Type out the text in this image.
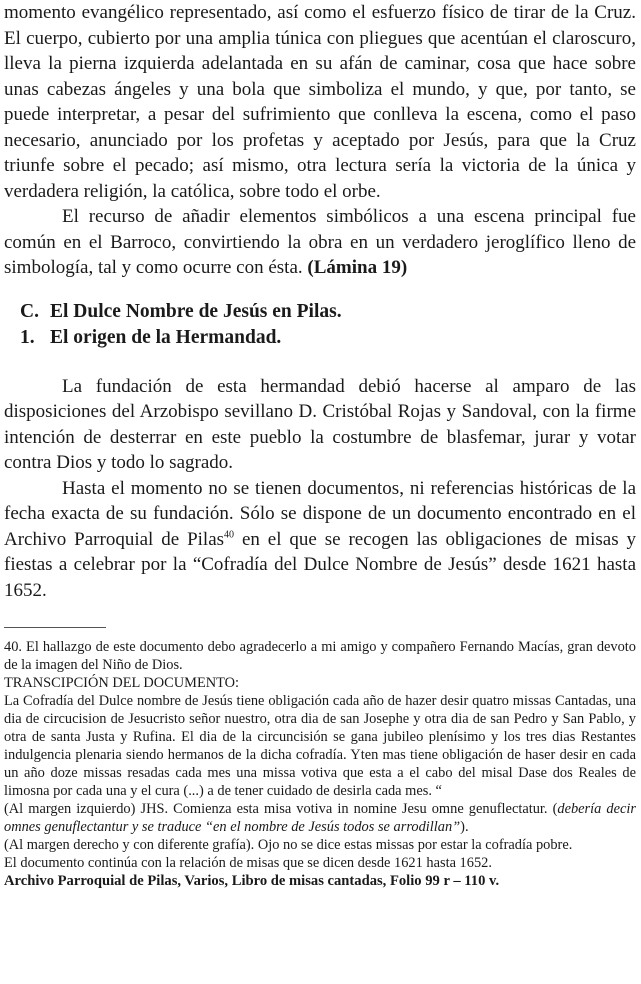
momento evangélico representado, así como el esfuerzo físico de tirar de la Cruz. El cuerpo, cubierto por una amplia túnica con pliegues que acentúan el claroscuro, lleva la pierna izquierda adelantada en su afán de caminar, cosa que hace sobre unas cabezas ángeles y una bola que simboliza el mundo, y que, por tanto, se puede interpretar, a pesar del sufrimiento que conlleva la escena, como el paso necesario, anunciado por los profetas y aceptado por Jesús, para que la Cruz triunfe sobre el pecado; así mismo, otra lectura sería la victoria de la única y verdadera religión, la católica, sobre todo el orbe.

El recurso de añadir elementos simbólicos a una escena principal fue común en el Barroco, convirtiendo la obra en un verdadero jeroglífico lleno de simbología, tal y como ocurre con ésta. (Lámina 19)

C. El Dulce Nombre de Jesús en Pilas.
1. El origen de la Hermandad.

La fundación de esta hermandad debió hacerse al amparo de las disposiciones del Arzobispo sevillano D. Cristóbal Rojas y Sandoval, con la firme intención de desterrar en este pueblo la costumbre de blasfemar, jurar y votar contra Dios y todo lo sagrado.

Hasta el momento no se tienen documentos, ni referencias históricas de la fecha exacta de su fundación. Sólo se dispone de un documento encontrado en el Archivo Parroquial de Pilas$^{40}$ en el que se recogen las obligaciones de misas y fiestas a celebrar por la “Cofradía del Dulce Nombre de Jesús” desde 1621 hasta 1652.

40. El hallazgo de este documento debo agradecerlo a mi amigo y compañero Fernando Macías, gran devoto de la imagen del Niño de Dios.

TRANSCIPCIÓN DEL DOCUMENTO:

La Cofradía del Dulce nombre de Jesús tiene obligación cada año de hazer desir quatro missas Cantadas, una dia de circucision de Jesucristo señor nuestro, otra dia de san Josephe y otra dia de san Pedro y San Pablo, y otra de santa Justa y Rufina. El dia de la circuncisión se gana jubileo plenísimo y los tres dias Restantes indulgencia plenaria siendo hermanos de la dicha cofradía. Yten mas tiene obligación de haser desir en cada un año doze missas resadas cada mes una missa votiva que esta a el cabo del misal Dase dos Reales de limosna por cada una y el cura (...) a de tener cuidado de desirla cada mes. “

(Al margen izquierdo) JHS. Comienza esta misa votiva in nomine Jesu omne genuflectatur. (debería decir omnes genuflectantur y se traduce “en el nombre de Jesús todos se arrodillan”).

(Al margen derecho y con diferente grafía). Ojo no se dice estas missas por estar la cofradía pobre.

El documento continúa con la relación de misas que se dicen desde 1621 hasta 1652.

Archivo Parroquial de Pilas, Varios, Libro de misas cantadas, Folio 99 r – 110 v.
